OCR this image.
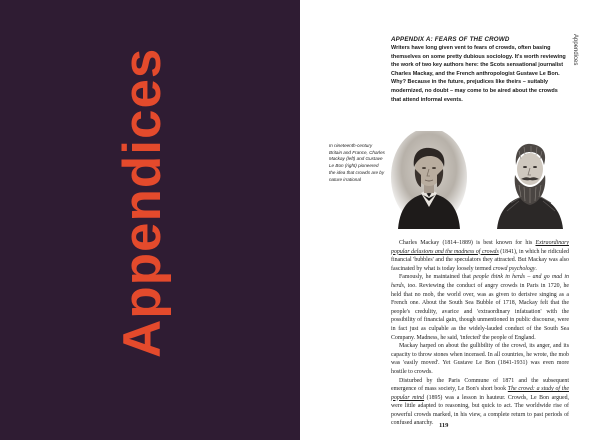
Appendices	Appendices
APPENDIX A: FEARS OF THE CROWD
Writers have long given vent to fears of crowds, often basing themselves on some pretty dubious sociology. It's worth reviewing the work of two key authors here: the Scots sensational journalist Charles Mackay, and the French anthropologist Gustave Le Bon. Why? Because in the future, prejudices like theirs – suitably modernized, no doubt – may come to be aired about the crowds that attend informal events.
In nineteenth-century Britain and France, Charles Mackay (left) and Gustave Le Bon (right) pioneered the idea that crowds are by nature irrational

Charles Mackay (1814–1889) is best known for his Extraordinary popular delusions and the madness of crowds (1841), in which he ridiculed financial 'bubbles' and the speculators they attracted. But Mackay was also fascinated by what is today loosely termed crowd psychology.

Famously, he maintained that people think in herds – and go mad in herds, too. Reviewing the conduct of angry crowds in Paris in 1720, he held that no mob, the world over, was as given to derisive singing as a French one. About the South Sea Bubble of 1718, Mackay felt that the people's credulity, avarice and 'extraordinary infatuation' with the possibility of financial gain, though unmentioned in public discourse, were in fact just as culpable as the widely-lauded conduct of the South Sea Company. Madness, he said, 'infected' the people of England.

Mackay harped on about the gullibility of the crowd, its anger, and its capacity to throw stones when incensed. In all countries, he wrote, the mob was 'easily moved'. Yet Gustave Le Bon (1841-1931) was even more hostile to crowds.

Disturbed by the Paris Commune of 1871 and the subsequent emergence of mass society, Le Bon's short book The crowd: a study of the popular mind (1895) was a lesson in hauteur. Crowds, Le Bon argued, were little adapted to reasoning, but quick to act. The worldwide rise of powerful crowds marked, in his view, a complete return to past periods of confused anarchy. 119
